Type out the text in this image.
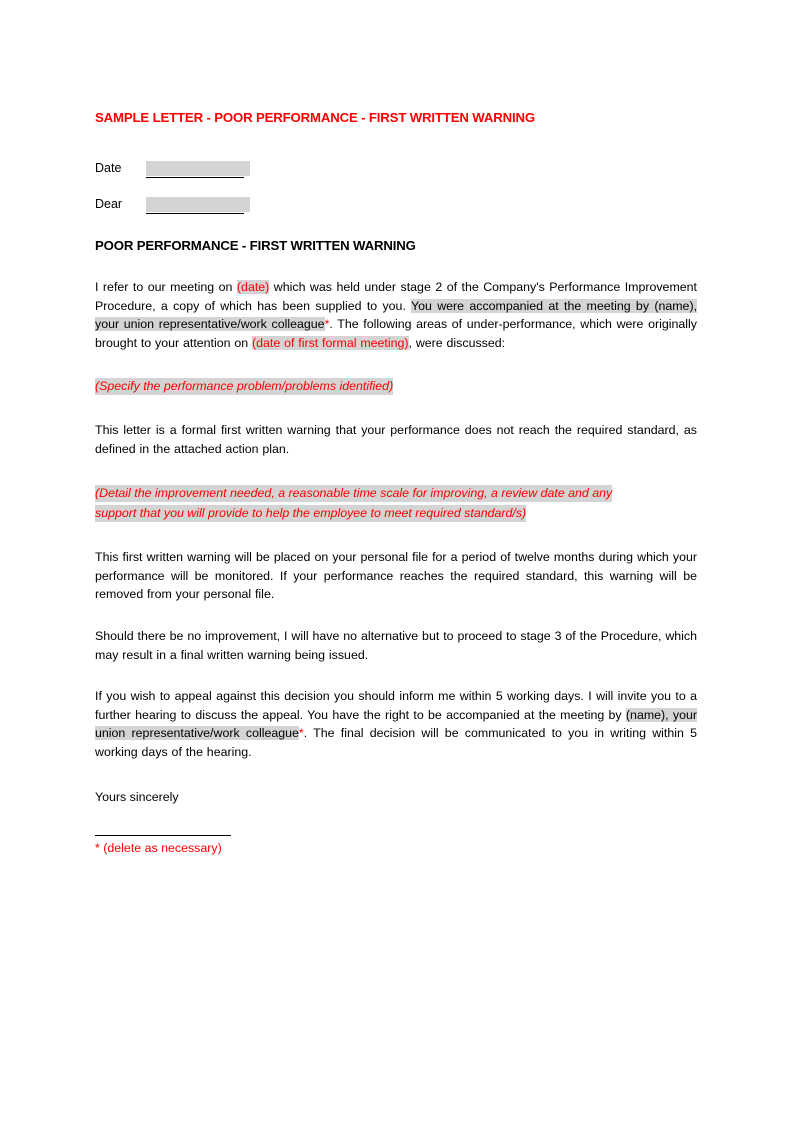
SAMPLE LETTER - POOR PERFORMANCE - FIRST WRITTEN WARNING
Date
Dear
POOR PERFORMANCE - FIRST WRITTEN WARNING

I refer to our meeting on (date) which was held under stage 2 of the Company's Performance Improvement Procedure, a copy of which has been supplied to you. You were accompanied at the meeting by (name), your union representative/work colleague*. The following areas of under-performance, which were originally brought to your attention on (date of first formal meeting), were discussed:

(Specify the performance problem/problems identified)

This letter is a formal first written warning that your performance does not reach the required standard, as defined in the attached action plan.

(Detail the improvement needed, a reasonable time scale for improving, a review date and any
support that you will provide to help the employee to meet required standard/s)

This first written warning will be placed on your personal file for a period of twelve months during which your performance will be monitored. If your performance reaches the required standard, this warning will be removed from your personal file.

Should there be no improvement, I will have no alternative but to proceed to stage 3 of the Procedure, which may result in a final written warning being issued.

If you wish to appeal against this decision you should inform me within 5 working days. I will invite you to a further hearing to discuss the appeal. You have the right to be accompanied at the meeting by (name), your union representative/work colleague*. The final decision will be communicated to you in writing within 5 working days of the hearing.

Yours sincerely
* (delete as necessary)
